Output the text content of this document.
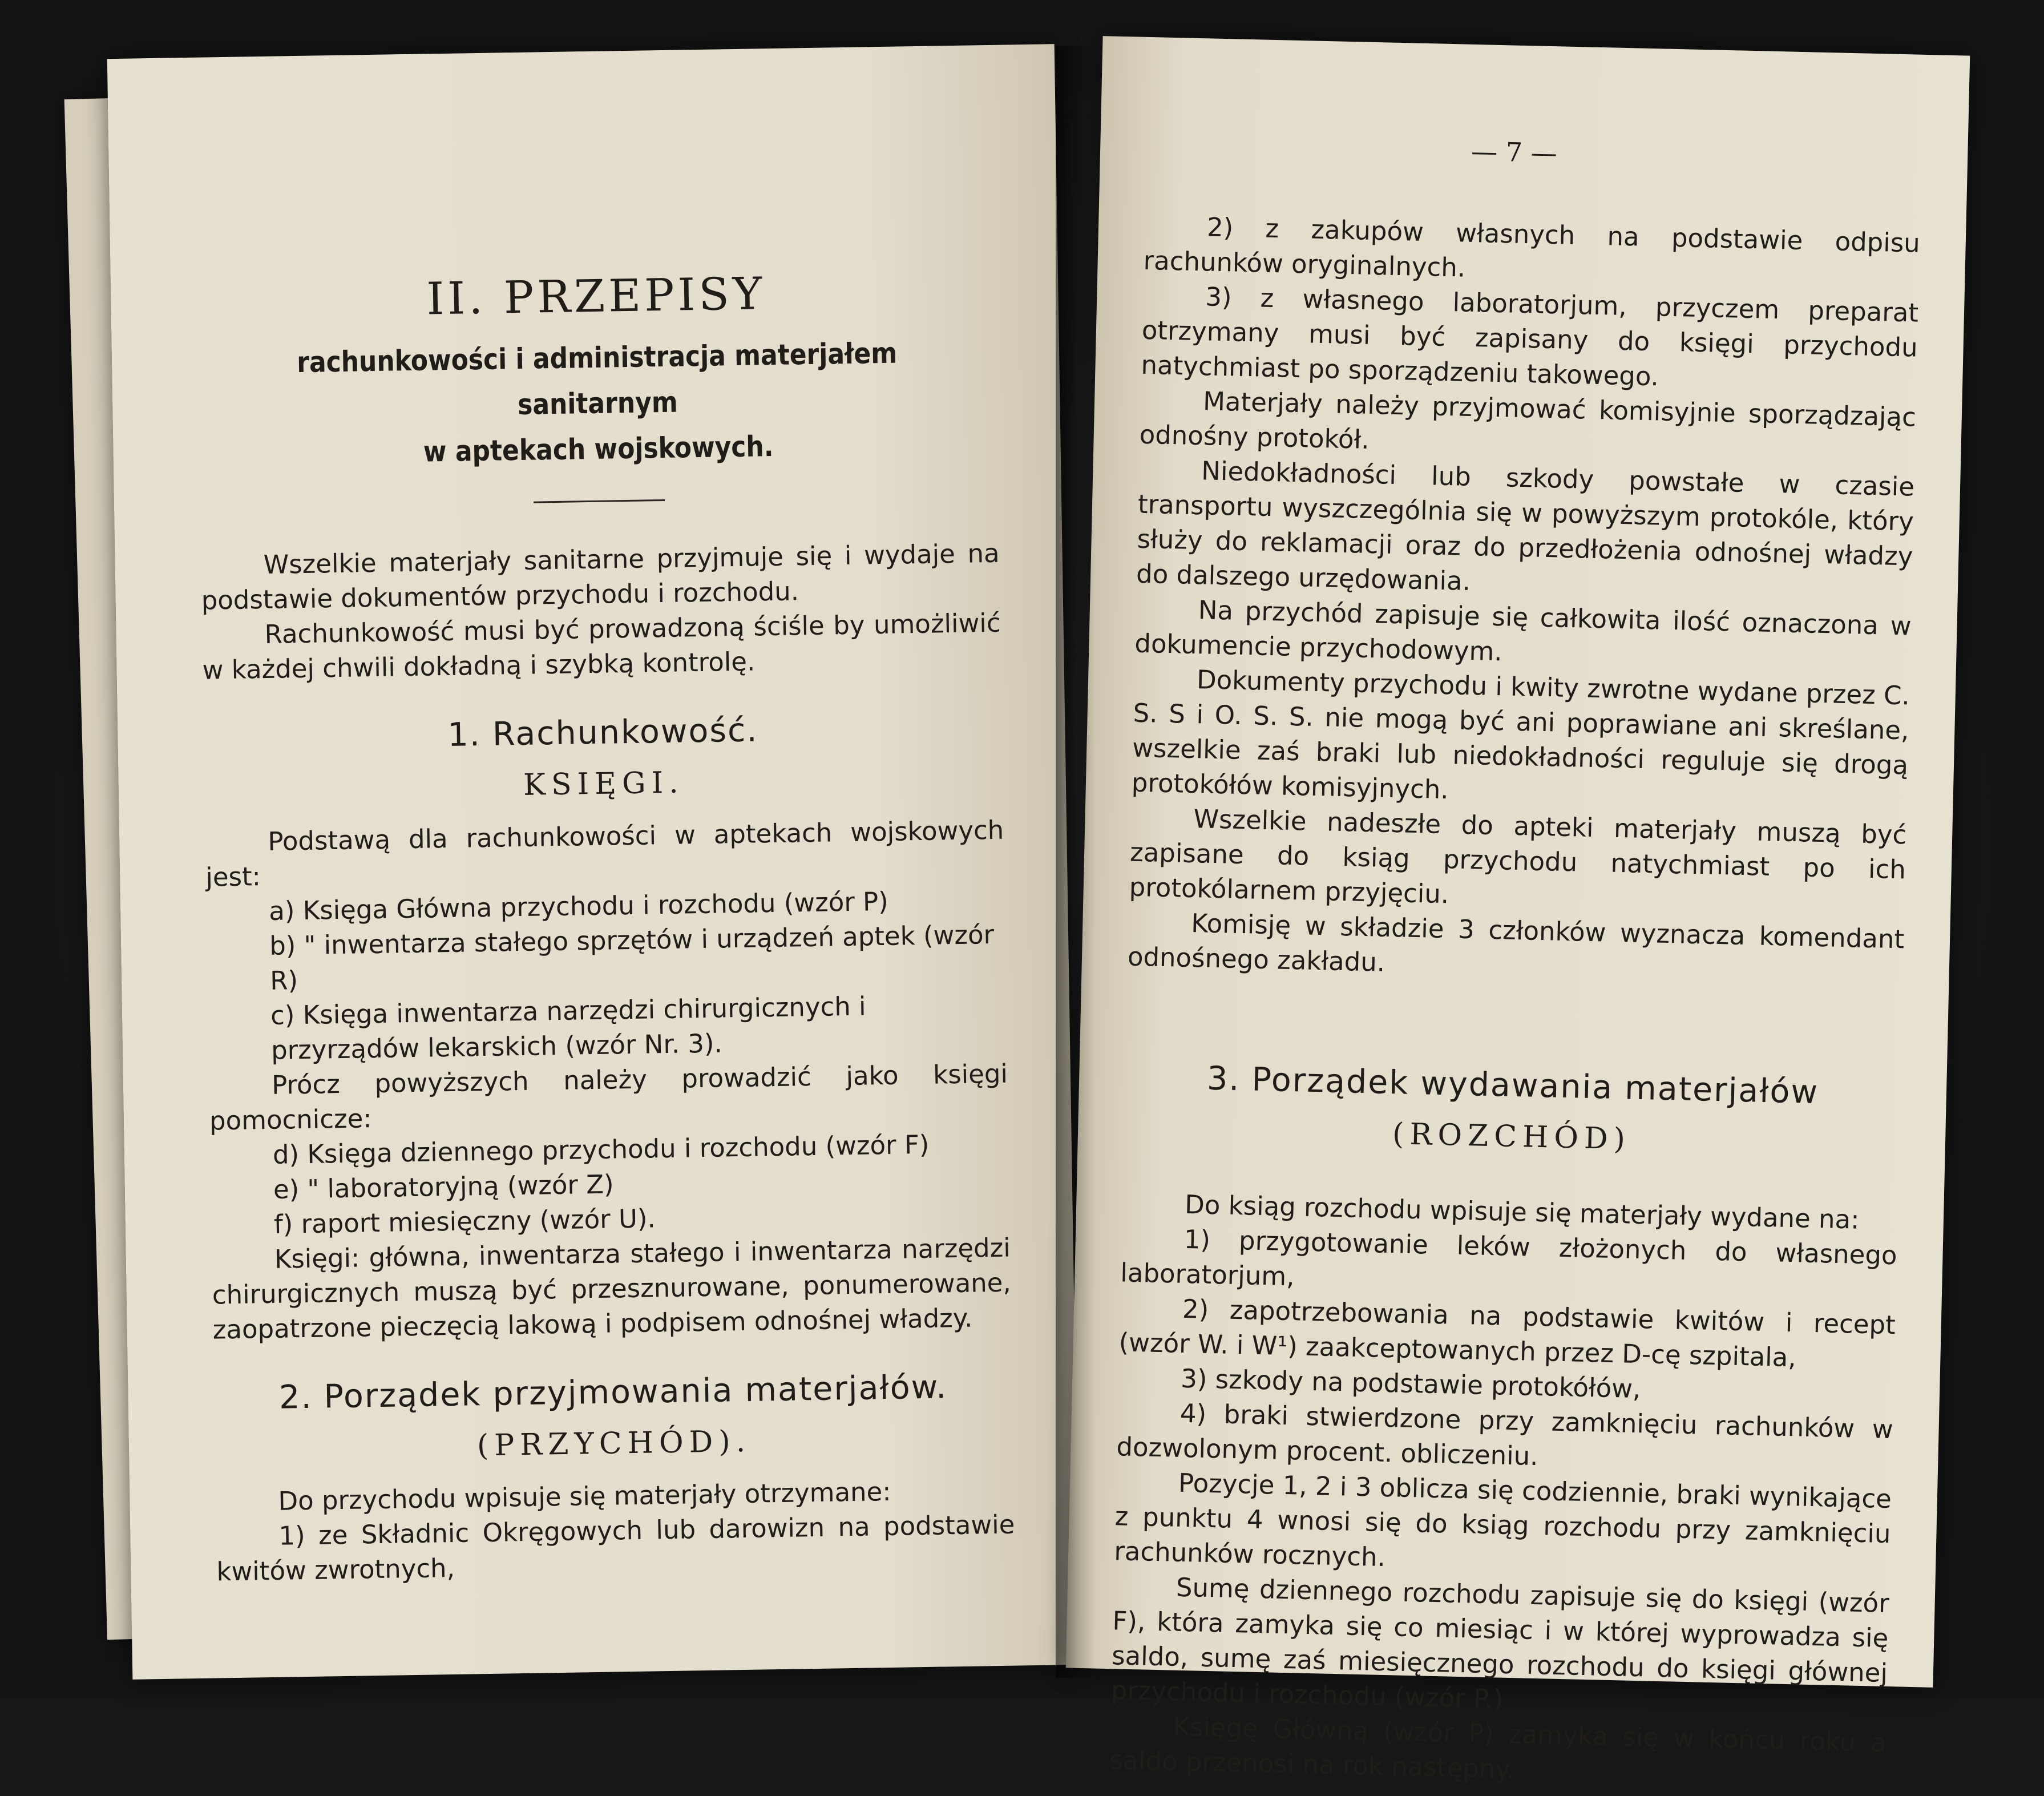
II. PRZEPISY
rachunkowości i administracja materjałem sanitarnym
w aptekach wojskowych.

Wszelkie materjały sanitarne przyjmuje się i wydaje na podstawie dokumentów przychodu i rozchodu.

Rachunkowość musi być prowadzoną ściśle by umożliwić w każdej chwili dokładną i szybką kontrolę.

1. Rachunkowość.
KSIĘGI.

Podstawą dla rachunkowości w aptekach wojskowych jest:

a) Księga Główna przychodu i rozchodu (wzór P)

b) " inwentarza stałego sprzętów i urządzeń aptek (wzór R)

c) Księga inwentarza narzędzi chirurgicznych i przyrządów lekarskich (wzór Nr. 3).

Prócz powyższych należy prowadzić jako księgi pomocnicze:

d) Księga dziennego przychodu i rozchodu (wzór F)

e) " laboratoryjną (wzór Z)

f) raport miesięczny (wzór U).

Księgi: główna, inwentarza stałego i inwentarza narzędzi chirurgicznych muszą być przesznurowane, ponumerowane, zaopatrzone pieczęcią lakową i podpisem odnośnej władzy.

2. Porządek przyjmowania materjałów.
(PRZYCHÓD).

Do przychodu wpisuje się materjały otrzymane:

1) ze Składnic Okręgowych lub darowizn na podstawie kwitów zwrotnych,

— 7 —

2) z zakupów własnych na podstawie odpisu rachunków oryginalnych.

3) z własnego laboratorjum, przyczem preparat otrzymany musi być zapisany do księgi przychodu natychmiast po sporządzeniu takowego.

Materjały należy przyjmować komisyjnie sporządzając odnośny protokół.

Niedokładności lub szkody powstałe w czasie transportu wyszczególnia się w powyższym protokóle, który służy do reklamacji oraz do przedłożenia odnośnej władzy do dalszego urzędowania.

Na przychód zapisuje się całkowita ilość oznaczona w dokumencie przychodowym.

Dokumenty przychodu i kwity zwrotne wydane przez C. S. S i O. S. S. nie mogą być ani poprawiane ani skreślane, wszelkie zaś braki lub niedokładności reguluje się drogą protokółów komisyjnych.

Wszelkie nadeszłe do apteki materjały muszą być zapisane do ksiąg przychodu natychmiast po ich protokólarnem przyjęciu.

Komisję w składzie 3 członków wyznacza komendant odnośnego zakładu.

3. Porządek wydawania materjałów
(ROZCHÓD)

Do ksiąg rozchodu wpisuje się materjały wydane na:

1) przygotowanie leków złożonych do własnego laboratorjum,

2) zapotrzebowania na podstawie kwitów i recept (wzór W. i W¹) zaakceptowanych przez D-cę szpitala,

3) szkody na podstawie protokółów,

4) braki stwierdzone przy zamknięciu rachunków w dozwolonym procent. obliczeniu.

Pozycje 1, 2 i 3 oblicza się codziennie, braki wynikające z punktu 4 wnosi się do ksiąg rozchodu przy zamknięciu rachunków rocznych.

Sumę dziennego rozchodu zapisuje się do księgi (wzór F), która zamyka się co miesiąc i w której wyprowadza się saldo, sumę zaś miesięcznego rozchodu do księgi głównej przychodu i rozchodu (wzór P.)

Księgę Główną (wzór P) zamyka się w końcu roku a saldo przenosi na rok następny.
